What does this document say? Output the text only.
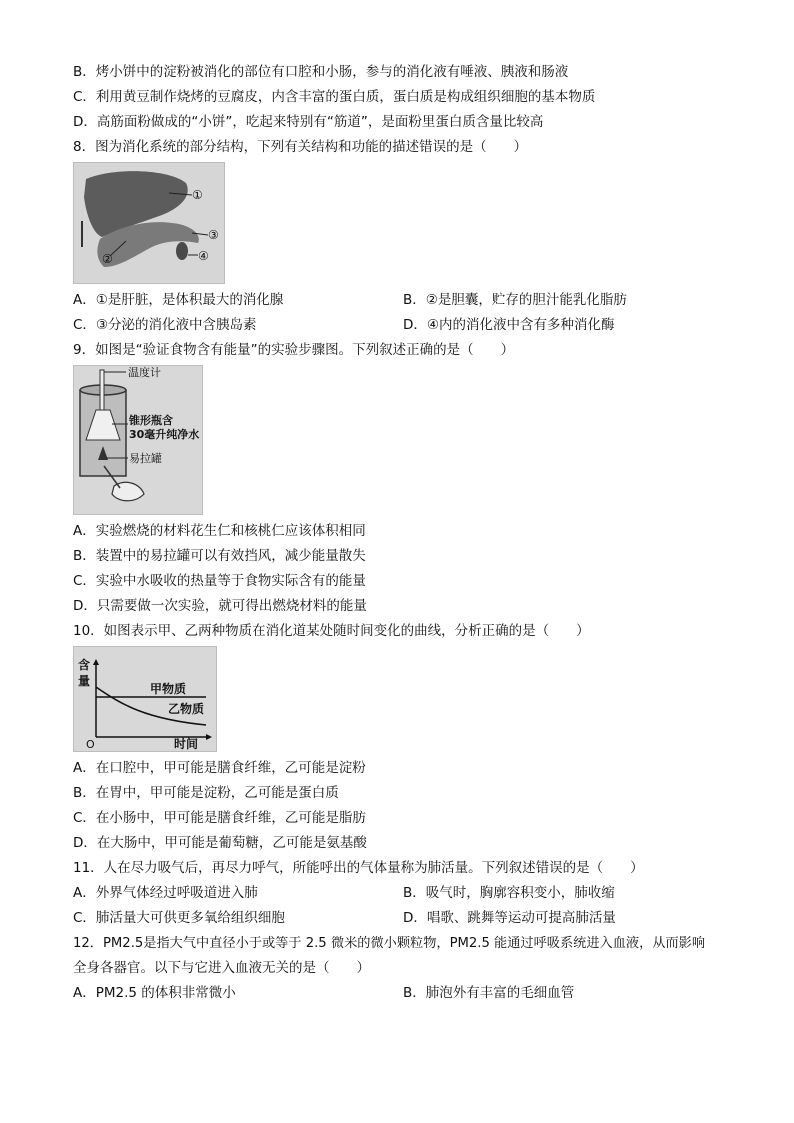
B．烤小饼中的淀粉被消化的部位有口腔和小肠，参与的消化液有唾液、胰液和肠液
C．利用黄豆制作烧烤的豆腐皮，内含丰富的蛋白质，蛋白质是构成组织细胞的基本物质
D．高筋面粉做成的“小饼”，吃起来特别有“筋道”，是面粉里蛋白质含量比较高
8．图为消化系统的部分结构，下列有关结构和功能的描述错误的是（　　）
①
②
③
④
A．①是肝脏，是体积最大的消化腺	B．②是胆囊，贮存的胆汁能乳化脂肪
C．③分泌的消化液中含胰岛素	D．④内的消化液中含有多种消化酶
9．如图是“验证食物含有能量”的实验步骤图。下列叙述正确的是（　　）
温度计
锥形瓶含
30毫升纯净水
易拉罐
A．实验燃烧的材料花生仁和核桃仁应该体积相同
B．装置中的易拉罐可以有效挡风，减少能量散失
C．实验中水吸收的热量等于食物实际含有的能量
D．只需要做一次实验，就可得出燃烧材料的能量
10．如图表示甲、乙两种物质在消化道某处随时间变化的曲线，分析正确的是（　　）
含
量
甲物质
乙物质
O	时间
A．在口腔中，甲可能是膳食纤维，乙可能是淀粉
B．在胃中，甲可能是淀粉，乙可能是蛋白质
C．在小肠中，甲可能是膳食纤维，乙可能是脂肪
D．在大肠中，甲可能是葡萄糖，乙可能是氨基酸
11．人在尽力吸气后，再尽力呼气，所能呼出的气体量称为肺活量。下列叙述错误的是（　　）
A．外界气体经过呼吸道进入肺	B．吸气时，胸廓容积变小，肺收缩
C．肺活量大可供更多氧给组织细胞	D．唱歌、跳舞等运动可提高肺活量
12．PM2.5是指大气中直径小于或等于 2.5 微米的微小颗粒物，PM2.5 能通过呼吸系统进入血液，从而影响
全身各器官。以下与它进入血液无关的是（　　）
A．PM2.5 的体积非常微小	B．肺泡外有丰富的毛细血管
